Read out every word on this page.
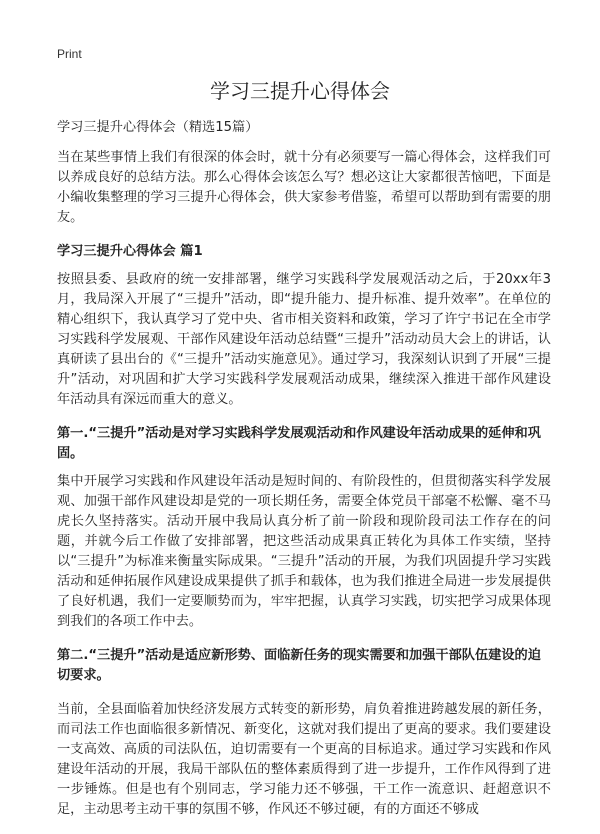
Print
学习三提升心得体会

学习三提升心得体会（精选15篇）

当在某些事情上我们有很深的体会时，就十分有必须要写一篇心得体会，这样我们可以养成良好的总结方法。那么心得体会该怎么写？想必这让大家都很苦恼吧，下面是小编收集整理的学习三提升心得体会，供大家参考借鉴，希望可以帮助到有需要的朋友。

学习三提升心得体会 篇1

按照县委、县政府的统一安排部署，继学习实践科学发展观活动之后，于20xx年3月，我局深入开展了“三提升”活动，即“提升能力、提升标准、提升效率”。在单位的精心组织下，我认真学习了党中央、省市相关资料和政策，学习了许宁书记在全市学习实践科学发展观、干部作风建设年活动总结暨“三提升”活动动员大会上的讲话，认真研读了县出台的《“三提升”活动实施意见》。通过学习，我深刻认识到了开展“三提升”活动，对巩固和扩大学习实践科学发展观活动成果，继续深入推进干部作风建设年活动具有深远而重大的意义。

第一.“三提升”活动是对学习实践科学发展观活动和作风建设年活动成果的延伸和巩固。

集中开展学习实践和作风建设年活动是短时间的、有阶段性的，但贯彻落实科学发展观、加强干部作风建设却是党的一项长期任务，需要全体党员干部毫不松懈、毫不马虎长久坚持落实。活动开展中我局认真分析了前一阶段和现阶段司法工作存在的问题，并就今后工作做了安排部署，把这些活动成果真正转化为具体工作实绩，坚持以“三提升”为标准来衡量实际成果。“三提升”活动的开展，为我们巩固提升学习实践活动和延伸拓展作风建设成果提供了抓手和载体，也为我们推进全局进一步发展提供了良好机遇，我们一定要顺势而为，牢牢把握，认真学习实践，切实把学习成果体现到我们的各项工作中去。

第二.“三提升”活动是适应新形势、面临新任务的现实需要和加强干部队伍建设的迫切要求。

当前，全县面临着加快经济发展方式转变的新形势，肩负着推进跨越发展的新任务，而司法工作也面临很多新情况、新变化，这就对我们提出了更高的要求。我们要建设一支高效、高质的司法队伍，迫切需要有一个更高的目标追求。通过学习实践和作风建设年活动的开展，我局干部队伍的整体素质得到了进一步提升，工作作风得到了进一步锤炼。但是也有个别同志，学习能力还不够强，干工作一流意识、赶超意识不足，主动思考主动干事的氛围不够，作风还不够过硬，有的方面还不够成
